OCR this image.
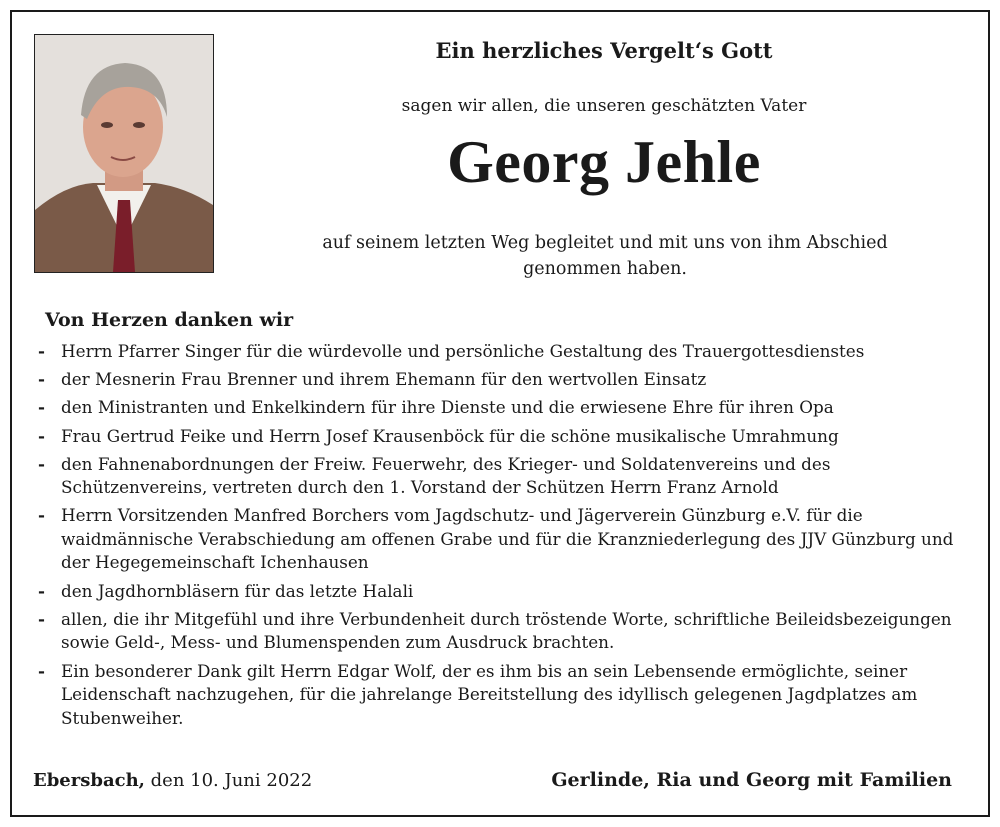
Ein herzliches Vergelt‘s Gott
sagen wir allen, die unseren geschätzten Vater
Georg Jehle
auf seinem letzten Weg begleitet und mit uns von ihm Abschied genommen haben.
Von Herzen danken wir
- Herrn Pfarrer Singer für die würdevolle und persönliche Gestaltung des Trauergottesdienstes
- der Mesnerin Frau Brenner und ihrem Ehemann für den wertvollen Einsatz
- den Ministranten und Enkelkindern für ihre Dienste und die erwiesene Ehre für ihren Opa
- Frau Gertrud Feike und Herrn Josef Krausenböck für die schöne musikalische Umrahmung
- den Fahnenabordnungen der Freiw. Feuerwehr, des Krieger- und Soldatenvereins und des Schützenvereins, vertreten durch den 1. Vorstand der Schützen Herrn Franz Arnold
- Herrn Vorsitzenden Manfred Borchers vom Jagdschutz- und Jägerverein Günzburg e.V. für die waidmännische Verabschiedung am offenen Grabe und für die Kranzniederlegung des JJV Günzburg und der Hegegemeinschaft Ichenhausen
- den Jagdhornbläsern für das letzte Halali
- allen, die ihr Mitgefühl und ihre Verbundenheit durch tröstende Worte, schriftliche Beileidsbezeigungen sowie Geld-, Mess- und Blumenspenden zum Ausdruck brachten.
- Ein besonderer Dank gilt Herrn Edgar Wolf, der es ihm bis an sein Lebensende ermöglichte, seiner Leidenschaft nachzugehen, für die jahrelange Bereitstellung des idyllisch gelegenen Jagdplatzes am Stubenweiher.
Ebersbach, den 10. Juni 2022	Gerlinde, Ria und Georg mit Familien
